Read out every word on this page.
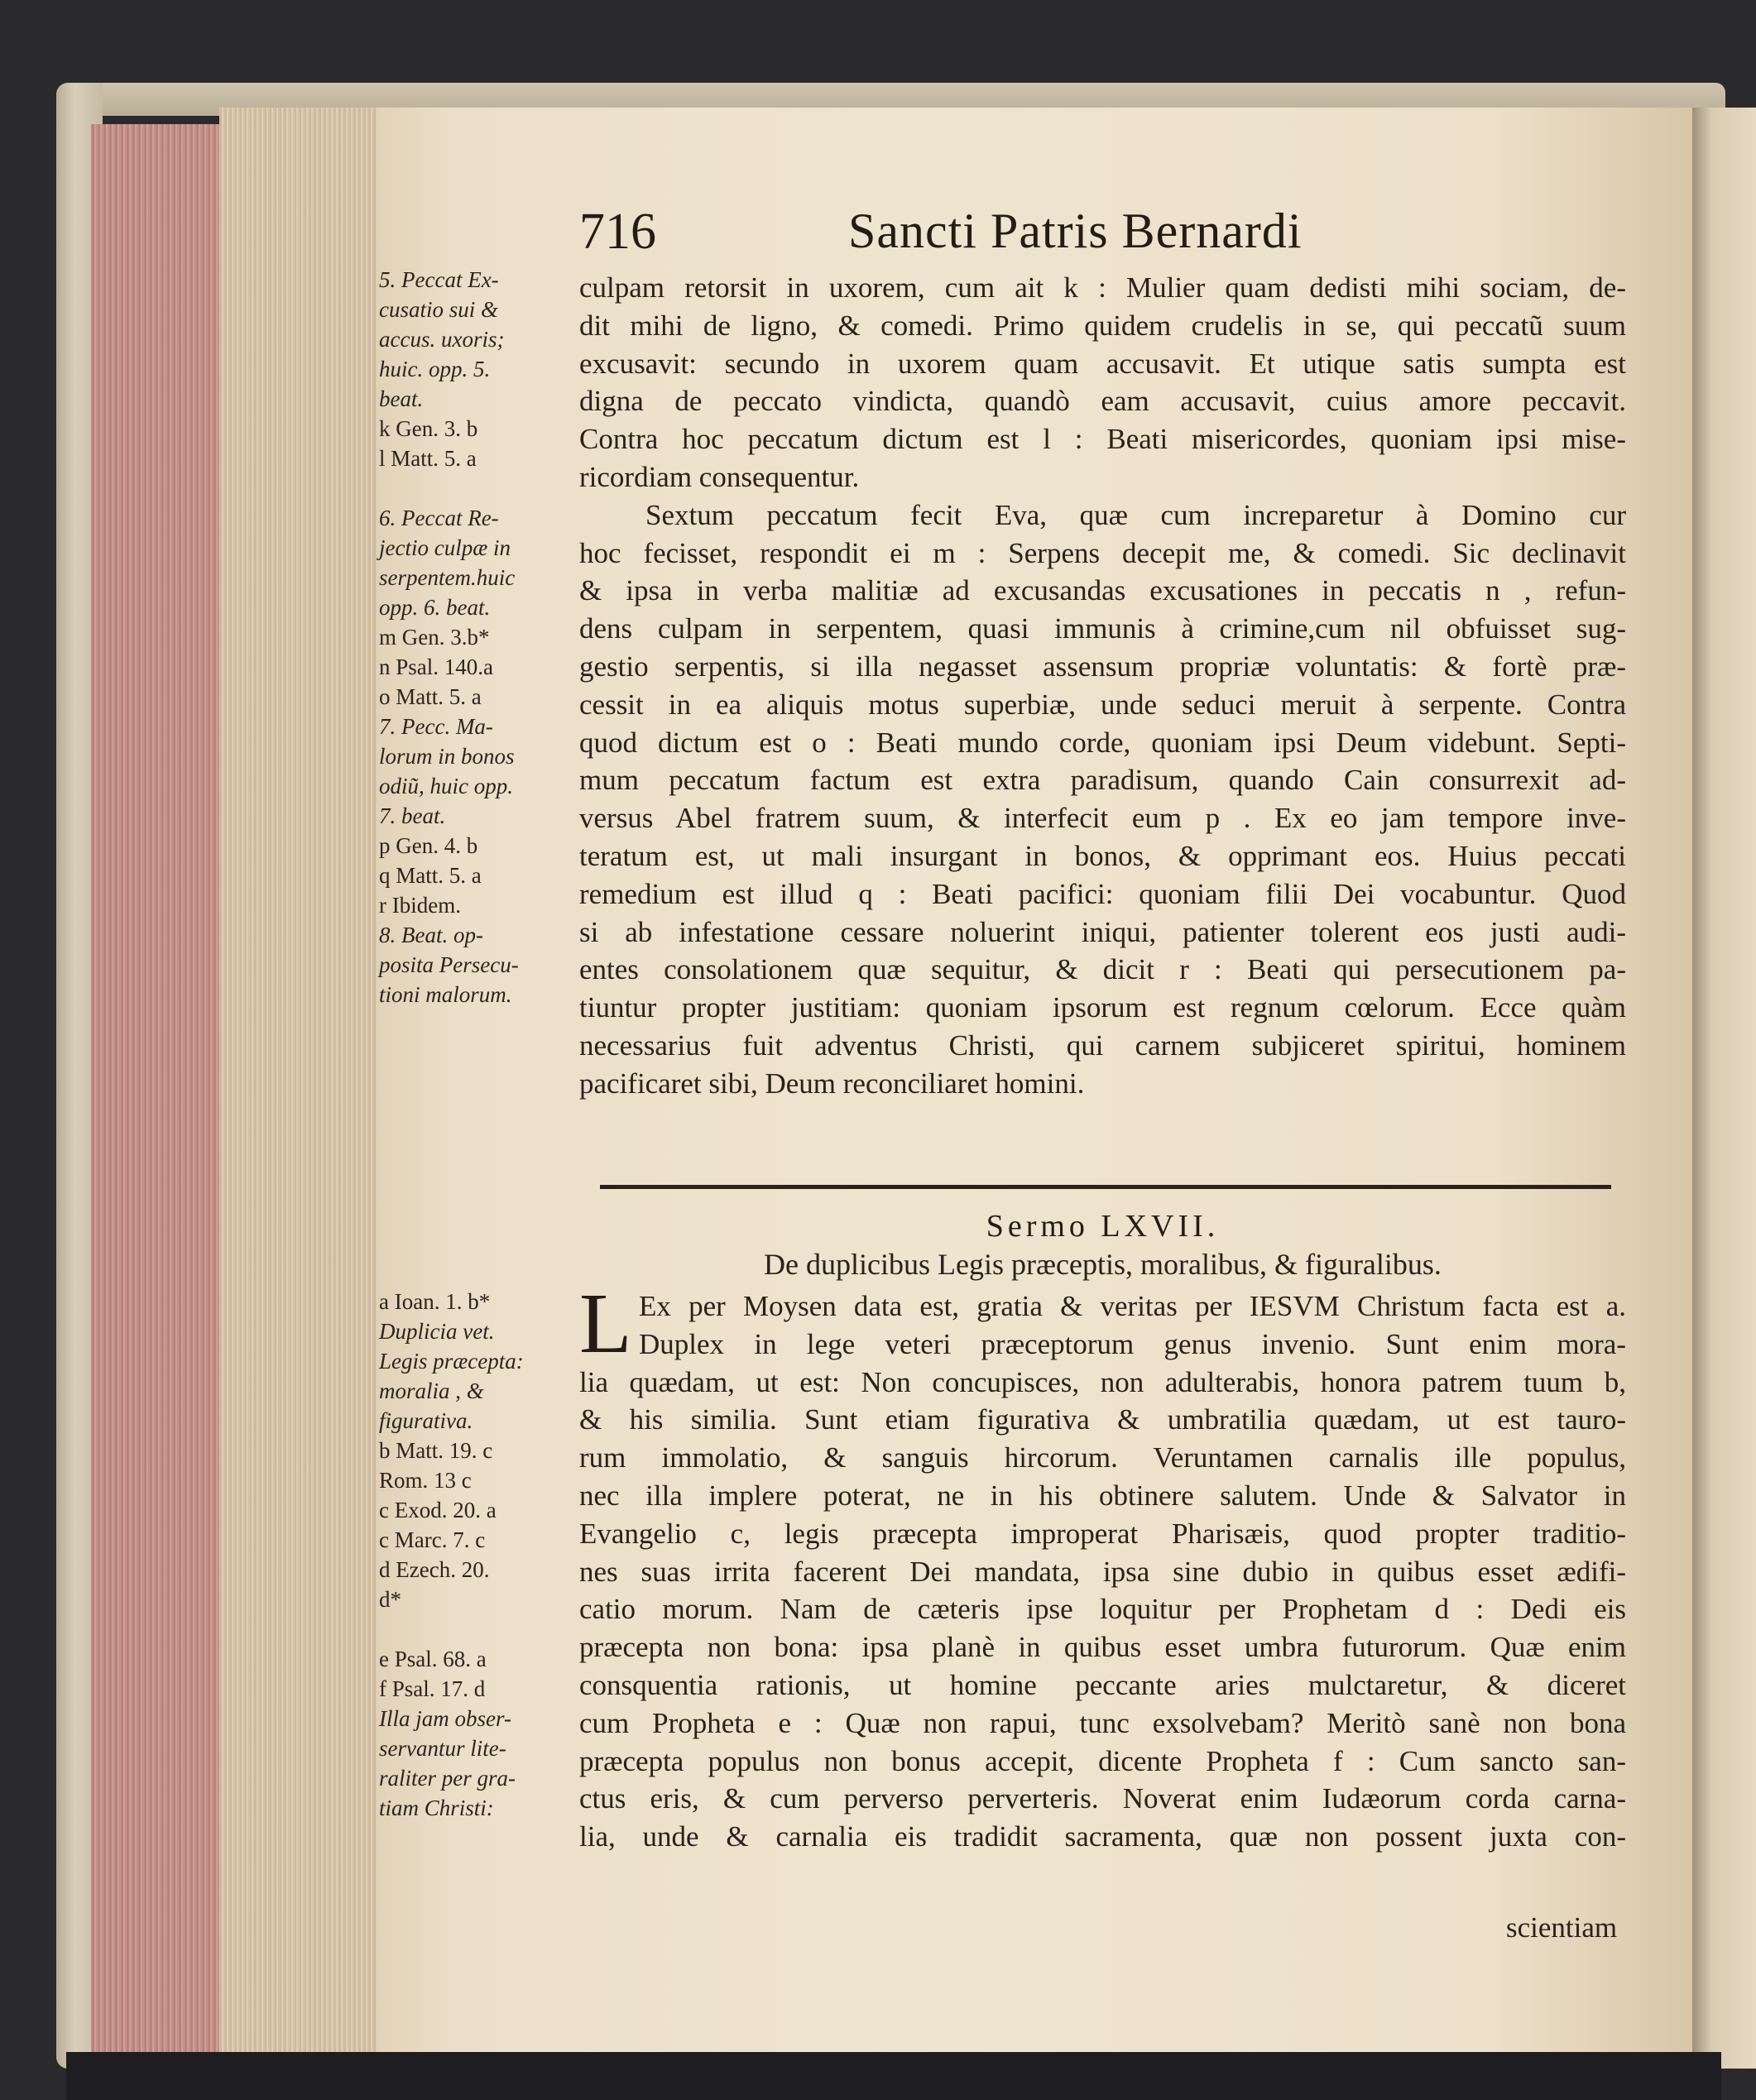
716	Sancti Patris Bernardi
5. Peccat Ex-
cusatio sui &
accus. uxoris;
huic. opp. 5.
beat.
k Gen. 3. b
l Matt. 5. a
6. Peccat Re-
jectio culpæ in
serpentem.huic
opp. 6. beat.
m Gen. 3.b*
n Psal. 140.a
o Matt. 5. a
7. Pecc. Ma-
lorum in bonos
odiũ, huic opp.
7. beat.
p Gen. 4. b
q Matt. 5. a
r Ibidem.
8. Beat. op-
posita Persecu-
tioni malorum.
a Ioan. 1. b*
Duplicia vet.
Legis præcepta:
moralia , &
figurativa.
b Matt. 19. c
Rom. 13 c
c Exod. 20. a
c Marc. 7. c
d Ezech. 20.
d*
e Psal. 68. a
f Psal. 17. d
Illa jam obser-
servantur lite-
raliter per gra-
tiam Christi:
culpam retorsit in uxorem, cum ait k : Mulier quam dedisti mihi sociam, de-
dit mihi de ligno, & comedi. Primo quidem crudelis in se, qui peccatũ suum
excusavit: secundo in uxorem quam accusavit. Et utique satis sumpta est
digna de peccato vindicta, quandò eam accusavit, cuius amore peccavit.
Contra hoc peccatum dictum est l : Beati misericordes, quoniam ipsi mise-
ricordiam consequentur.
Sextum peccatum fecit Eva, quæ cum increparetur à Domino cur
hoc fecisset, respondit ei m : Serpens decepit me, & comedi. Sic declinavit
& ipsa in verba malitiæ ad excusandas excusationes in peccatis n , refun-
dens culpam in serpentem, quasi immunis à crimine,cum nil obfuisset sug-
gestio serpentis, si illa negasset assensum propriæ voluntatis: & fortè præ-
cessit in ea aliquis motus superbiæ, unde seduci meruit à serpente. Contra
quod dictum est o : Beati mundo corde, quoniam ipsi Deum videbunt. Septi-
mum peccatum factum est extra paradisum, quando Cain consurrexit ad-
versus Abel fratrem suum, & interfecit eum p . Ex eo jam tempore inve-
teratum est, ut mali insurgant in bonos, & opprimant eos. Huius peccati
remedium est illud q : Beati pacifici: quoniam filii Dei vocabuntur. Quod
si ab infestatione cessare noluerint iniqui, patienter tolerent eos justi audi-
entes consolationem quæ sequitur, & dicit r : Beati qui persecutionem pa-
tiuntur propter justitiam: quoniam ipsorum est regnum cœlorum. Ecce quàm
necessarius fuit adventus Christi, qui carnem subjiceret spiritui, hominem
pacificaret sibi, Deum reconciliaret homini.
Sermo LXVII.
De duplicibus Legis præceptis, moralibus, & figuralibus.
L Ex per Moysen data est, gratia & veritas per IESVM Christum facta est a.
Duplex in lege veteri præceptorum genus invenio. Sunt enim mora-
lia quædam, ut est: Non concupisces, non adulterabis, honora patrem tuum b,
& his similia. Sunt etiam figurativa & umbratilia quædam, ut est tauro-
rum immolatio, & sanguis hircorum. Veruntamen carnalis ille populus,
nec illa implere poterat, ne in his obtinere salutem. Unde & Salvator in
Evangelio c, legis præcepta improperat Pharisæis, quod propter traditio-
nes suas irrita facerent Dei mandata, ipsa sine dubio in quibus esset ædifi-
catio morum. Nam de cæteris ipse loquitur per Prophetam d : Dedi eis
præcepta non bona: ipsa planè in quibus esset umbra futurorum. Quæ enim
consquentia rationis, ut homine peccante aries mulctaretur, & diceret
cum Propheta e : Quæ non rapui, tunc exsolvebam? Meritò sanè non bona
præcepta populus non bonus accepit, dicente Propheta f : Cum sancto san-
ctus eris, & cum perverso perverteris. Noverat enim Iudæorum corda carna-
lia, unde & carnalia eis tradidit sacramenta, quæ non possent juxta con-
scientiam
